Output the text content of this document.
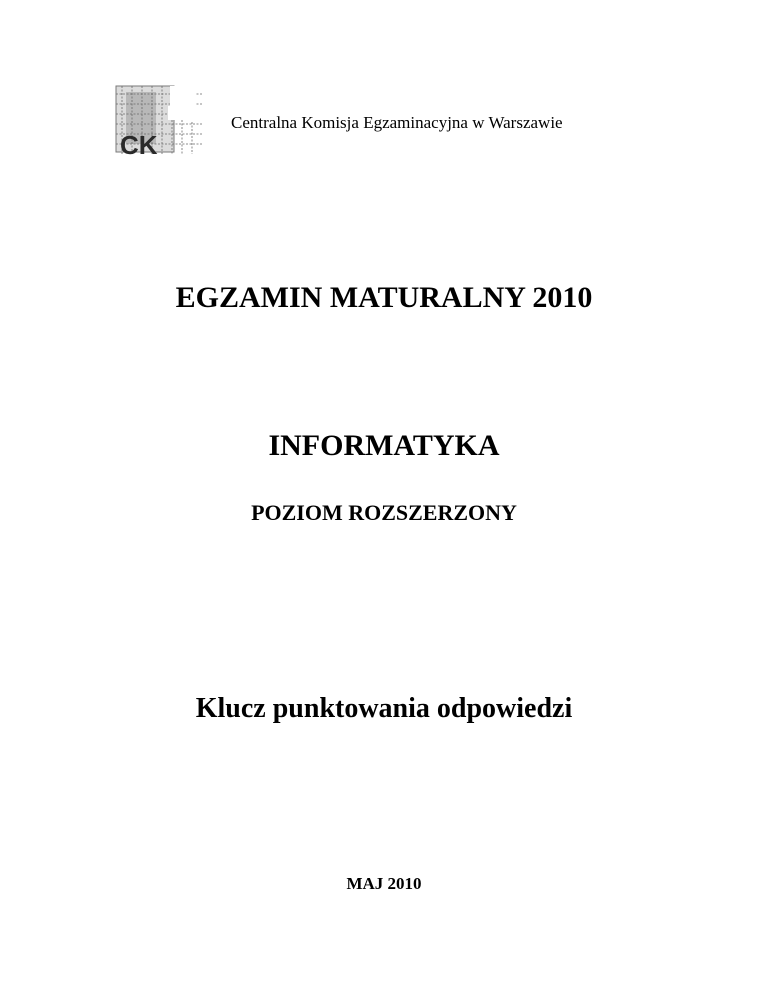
CK
Centralna Komisja Egzaminacyjna w Warszawie
EGZAMIN MATURALNY 2010
INFORMATYKA
POZIOM ROZSZERZONY
Klucz punktowania odpowiedzi
MAJ 2010
